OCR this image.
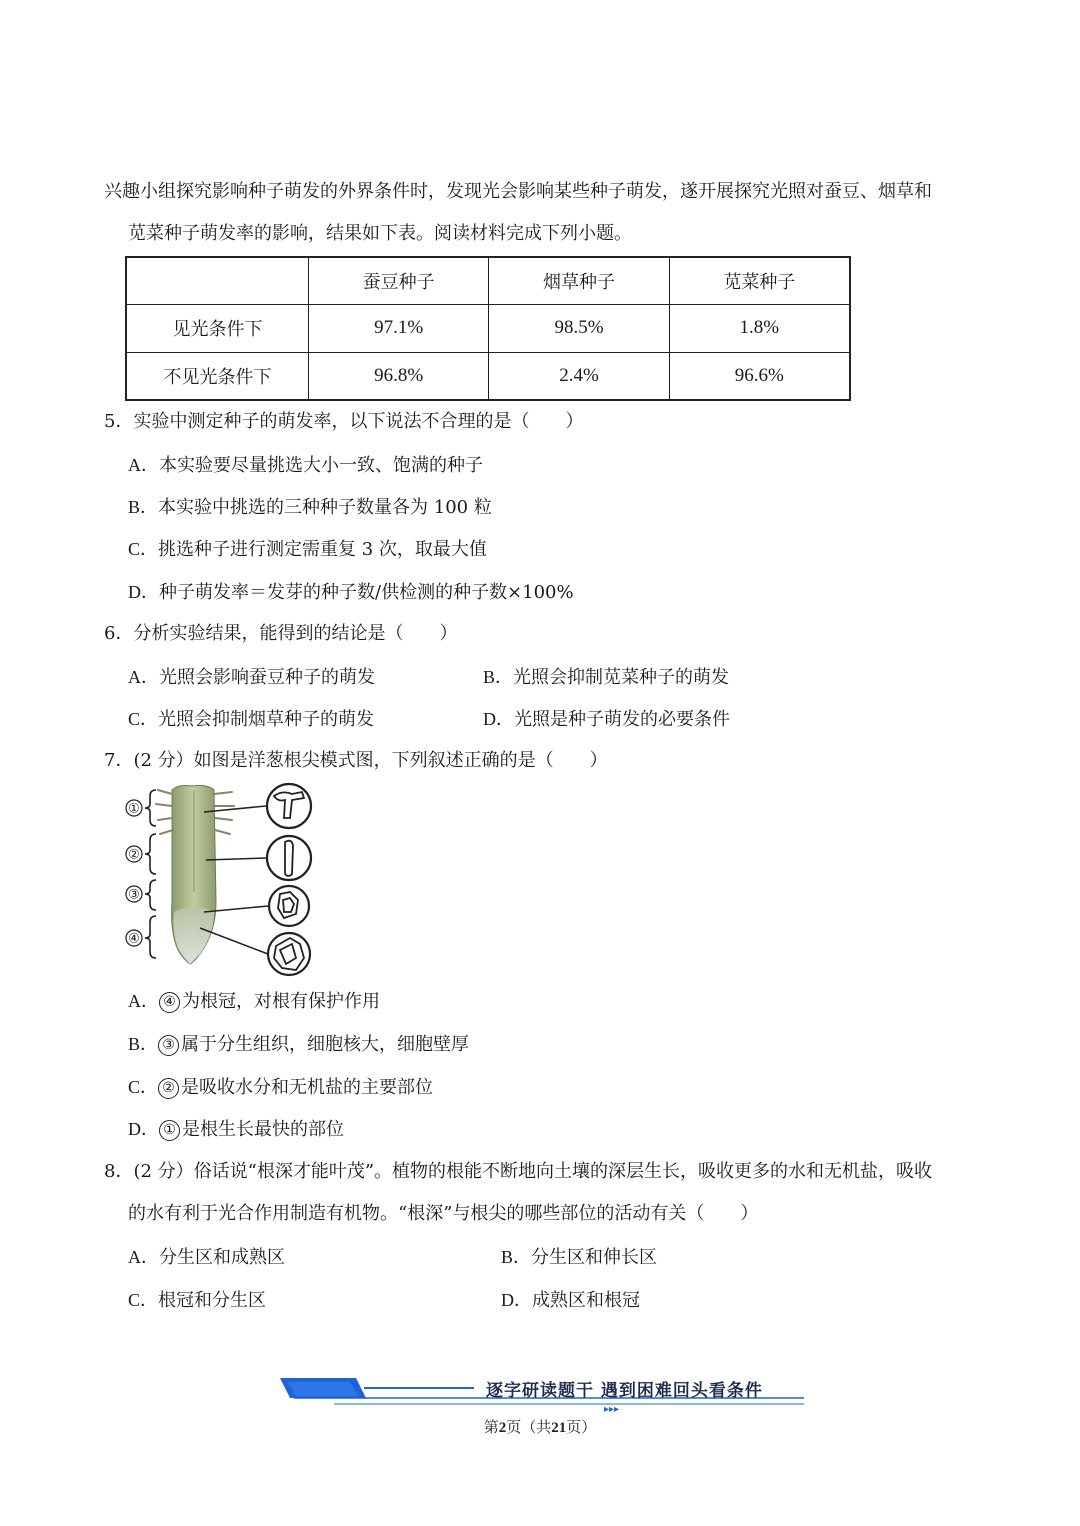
兴趣小组探究影响种子萌发的外界条件时，发现光会影响某些种子萌发，遂开展探究光照对蚕豆、烟草和
苋菜种子萌发率的影响，结果如下表。阅读材料完成下列小题。
	蚕豆种子	烟草种子	苋菜种子
见光条件下	97.1%	98.5%	1.8%
不见光条件下	96.8%	2.4%	96.6%
5．实验中测定种子的萌发率，以下说法不合理的是（　　）
A．本实验要尽量挑选大小一致、饱满的种子
B．本实验中挑选的三种种子数量各为 100 粒
C．挑选种子进行测定需重复 3 次，取最大值
D．种子萌发率＝发芽的种子数/供检测的种子数×100%
6．分析实验结果，能得到的结论是（　　）
A．光照会影响蚕豆种子的萌发	B．光照会抑制苋菜种子的萌发
C．光照会抑制烟草种子的萌发	D．光照是种子萌发的必要条件
7．(2 分）如图是洋葱根尖模式图，下列叙述正确的是（　　）
①
②
③
④
A． ④ 为根冠，对根有保护作用
B． ③ 属于分生组织，细胞核大，细胞壁厚
C． ② 是吸收水分和无机盐的主要部位
D． ① 是根生长最快的部位
8．(2 分）俗话说“根深才能叶茂”。植物的根能不断地向土壤的深层生长，吸收更多的水和无机盐，吸收
的水有利于光合作用制造有机物。“根深”与根尖的哪些部位的活动有关（　　）
A．分生区和成熟区	B．分生区和伸长区
C．根冠和分生区	D．成熟区和根冠
▸▸▸
逐字研读题干 遇到困难回头看条件
第2页（共21页）
